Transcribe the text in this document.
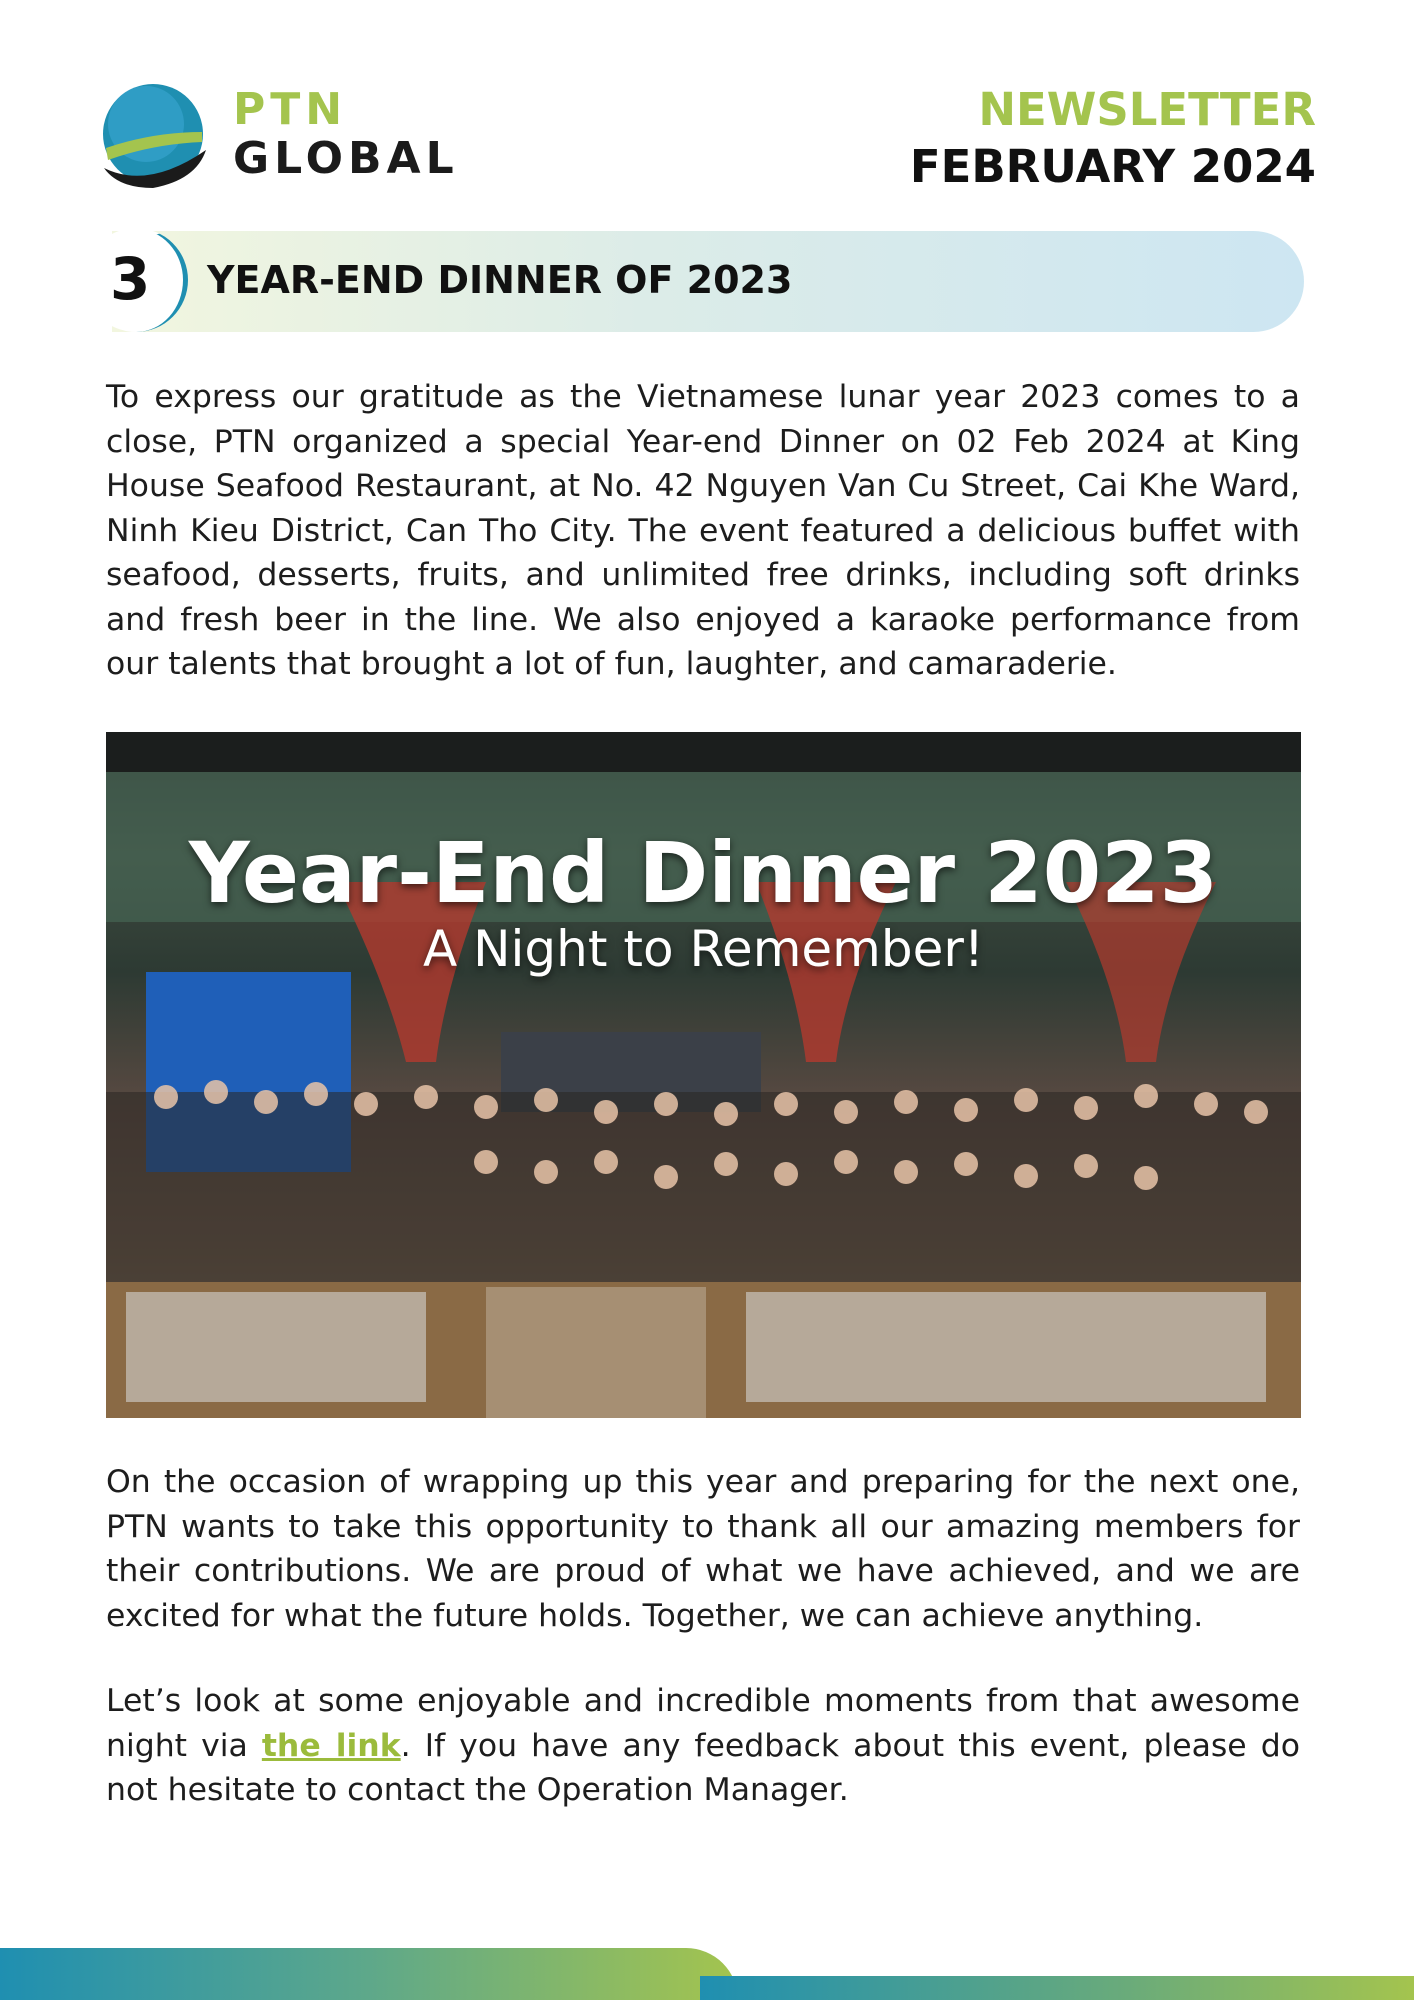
PTN
GLOBAL
NEWSLETTER
FEBRUARY 2024
3 YEAR-END DINNER OF 2023

To express our gratitude as the Vietnamese lunar year 2023 comes to a close, PTN organized a special Year-end Dinner on 02 Feb 2024 at King House Seafood Restaurant, at No. 42 Nguyen Van Cu Street, Cai Khe Ward, Ninh Kieu District, Can Tho City. The event featured a delicious buffet with seafood, desserts, fruits, and unlimited free drinks, including soft drinks and fresh beer in the line. We also enjoyed a karaoke performance from our talents that brought a lot of fun, laughter, and camaraderie.

Year-End Dinner 2023
A Night to Remember!

On the occasion of wrapping up this year and preparing for the next one, PTN wants to take this opportunity to thank all our amazing members for their contributions. We are proud of what we have achieved, and we are excited for what the future holds. Together, we can achieve anything.

Let’s look at some enjoyable and incredible moments from that awesome night via the link. If you have any feedback about this event, please do not hesitate to contact the Operation Manager.
